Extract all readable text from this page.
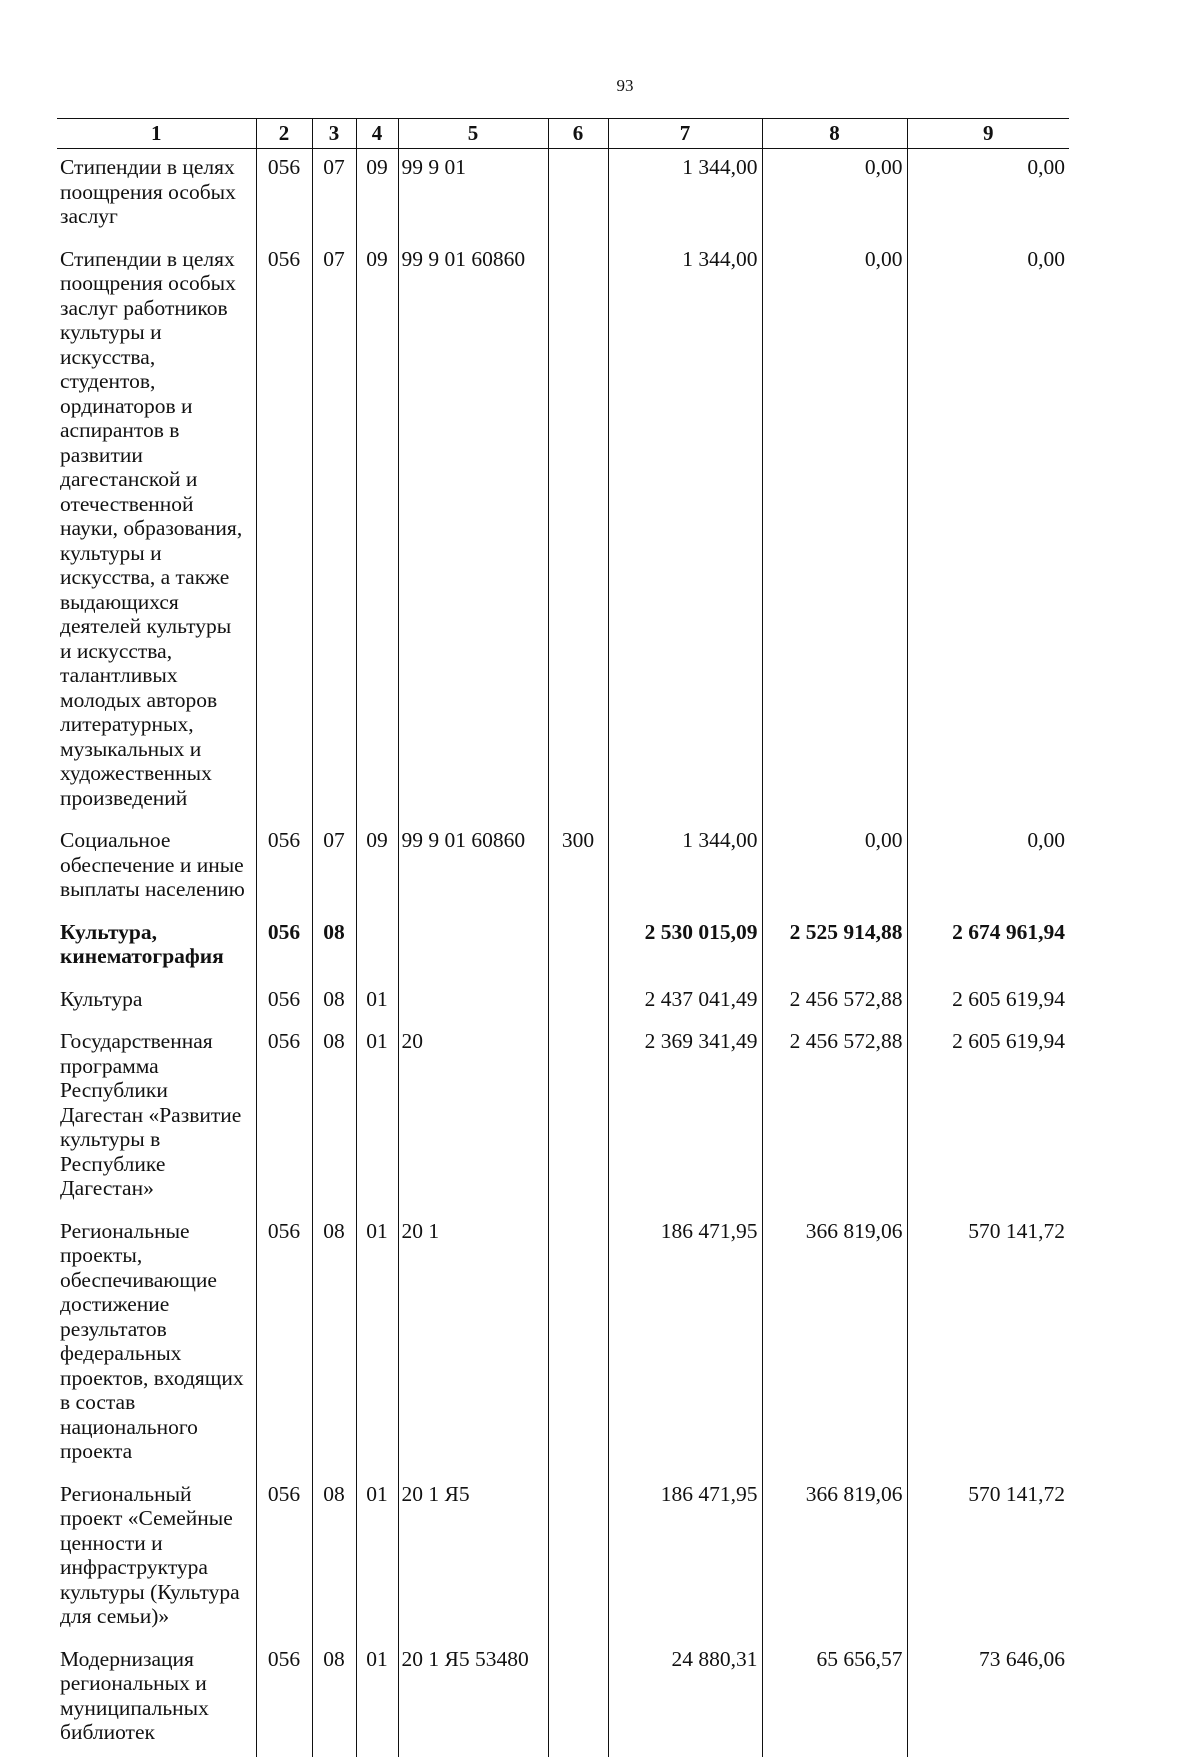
93
1	2	3	4	5	6	7	8	9
Стипендии в целях поощрения особых заслуг	056	07	09	99 9 01		1 344,00	0,00	0,00
Стипендии в целях поощрения особых заслуг работников культуры и искусства, студентов, ординаторов и аспирантов в развитии дагестанской и отечественной науки, образования, культуры и искусства, а также выдающихся деятелей культуры и искусства, талантливых молодых авторов литературных, музыкальных и художественных произведений	056	07	09	99 9 01 60860		1 344,00	0,00	0,00
Социальное обеспечение и иные выплаты населению	056	07	09	99 9 01 60860	300	1 344,00	0,00	0,00
Культура, кинематография	056	08				2 530 015,09	2 525 914,88	2 674 961,94
Культура	056	08	01			2 437 041,49	2 456 572,88	2 605 619,94
Государственная программа Республики Дагестан «Развитие культуры в Республике Дагестан»	056	08	01	20		2 369 341,49	2 456 572,88	2 605 619,94
Региональные проекты, обеспечивающие достижение результатов федеральных проектов, входящих в состав национального проекта	056	08	01	20 1		186 471,95	366 819,06	570 141,72
Региональный проект «Семейные ценности и инфраструктура культуры (Культура для семьи)»	056	08	01	20 1 Я5		186 471,95	366 819,06	570 141,72
Модернизация региональных и муниципальных библиотек	056	08	01	20 1 Я5 53480		24 880,31	65 656,57	73 646,06
